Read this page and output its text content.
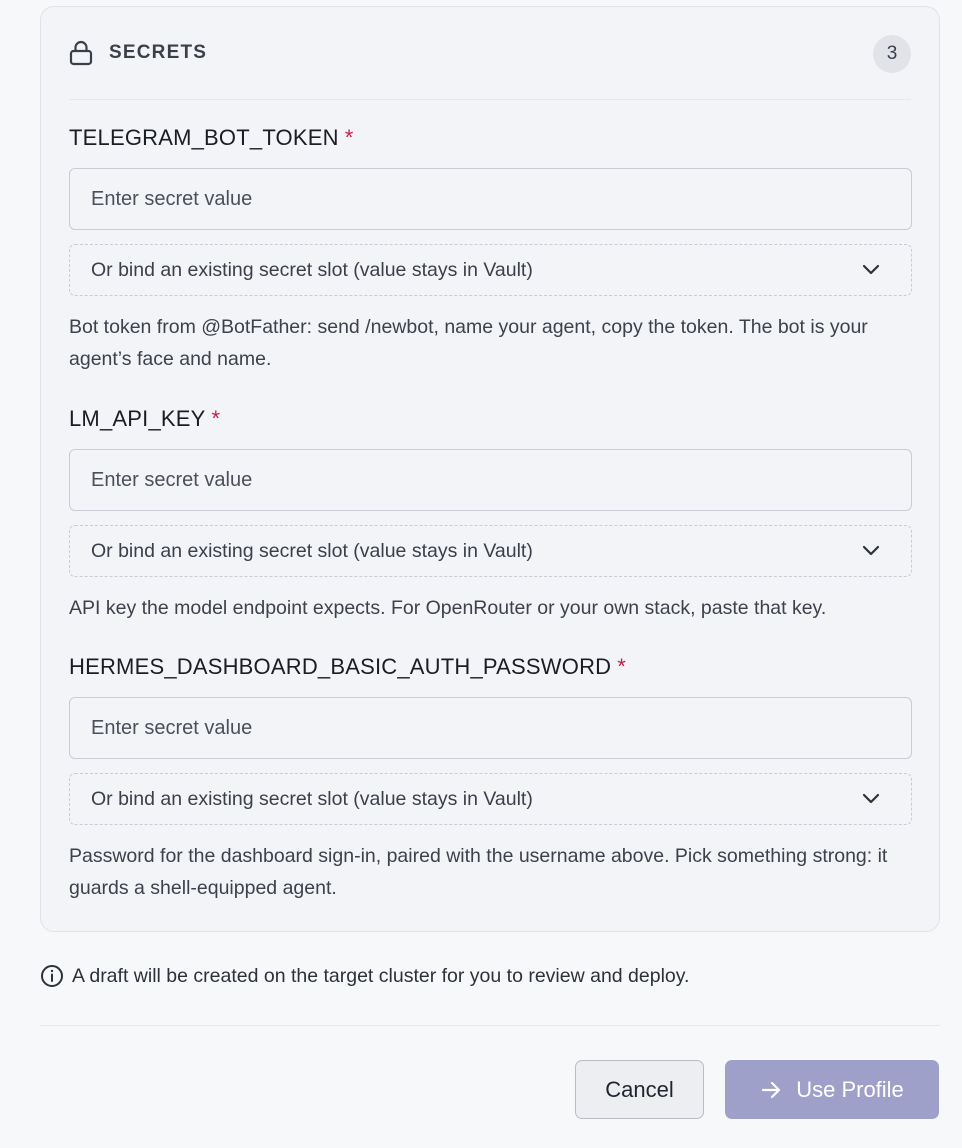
SECRETS	3
TELEGRAM_BOT_TOKEN *
Enter secret value
Or bind an existing secret slot (value stays in Vault)
Bot token from @BotFather: send /newbot, name your agent, copy the token. The bot is your agent’s face and name.
LM_API_KEY *
Enter secret value
Or bind an existing secret slot (value stays in Vault)
API key the model endpoint expects. For OpenRouter or your own stack, paste that key.
HERMES_DASHBOARD_BASIC_AUTH_PASSWORD *
Enter secret value
Or bind an existing secret slot (value stays in Vault)
Password for the dashboard sign-in, paired with the username above. Pick something strong: it guards a shell-equipped agent.
A draft will be created on the target cluster for you to review and deploy.
Cancel	Use Profile
